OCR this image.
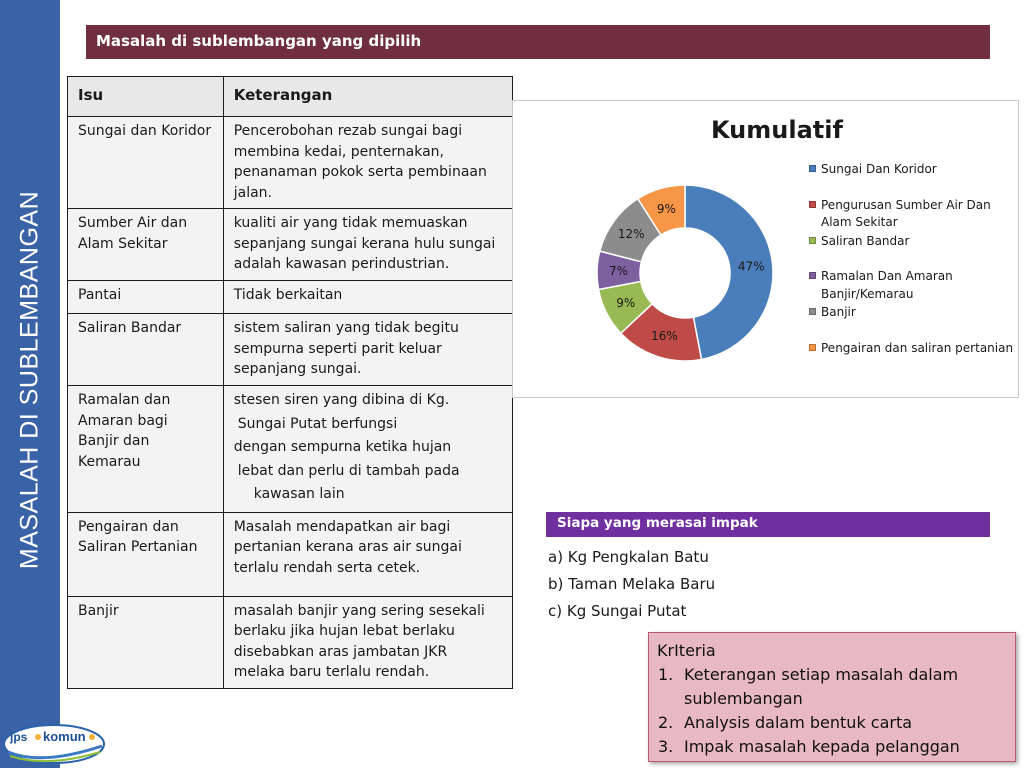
MASALAH DI SUBLEMBANGAN
jps komun
Masalah di sublembangan yang dipilih
Isu	Keterangan
Sungai dan Koridor	Pencerobohan rezab sungai bagi membina kedai, penternakan, penanaman pokok serta pembinaan jalan.

Sumber Air dan Alam Sekitar	kualiti air yang tidak memuaskan sepanjang sungai kerana hulu sungai adalah kawasan perindustrian.

Pantai	Tidak berkaitan

Saliran Bandar	sistem saliran yang tidak begitu sempurna seperti parit keluar sepanjang sungai.

Ramalan dan Amaran bagi Banjir dan Kemarau	stesen siren yang dibina di Kg.

Sungai Putat berfungsi

dengan sempurna ketika hujan

lebat dan perlu di tambah pada

kawasan lain

Pengairan dan Saliran Pertanian	Masalah mendapatkan air bagi pertanian kerana aras air sungai terlalu rendah serta cetek.

Banjir	masalah banjir yang sering sesekali berlaku jika hujan lebat berlaku disebabkan aras jambatan JKR melaka baru terlalu rendah.

Kumulatif
47%
16%
9%
7%
12%
9%
Sungai Dan Koridor
Pengurusan Sumber Air Dan Alam Sekitar
Saliran Bandar
Ramalan Dan Amaran Banjir/Kemarau
Banjir
Pengairan dan saliran pertanian
Siapa yang merasai impak
a) Kg Pengkalan Batu
b) Taman Melaka Baru
c) Kg Sungai Putat
KrIteria
1. Keterangan setiap masalah dalam sublembangan
2. Analysis dalam bentuk carta
3. Impak masalah kepada pelanggan
